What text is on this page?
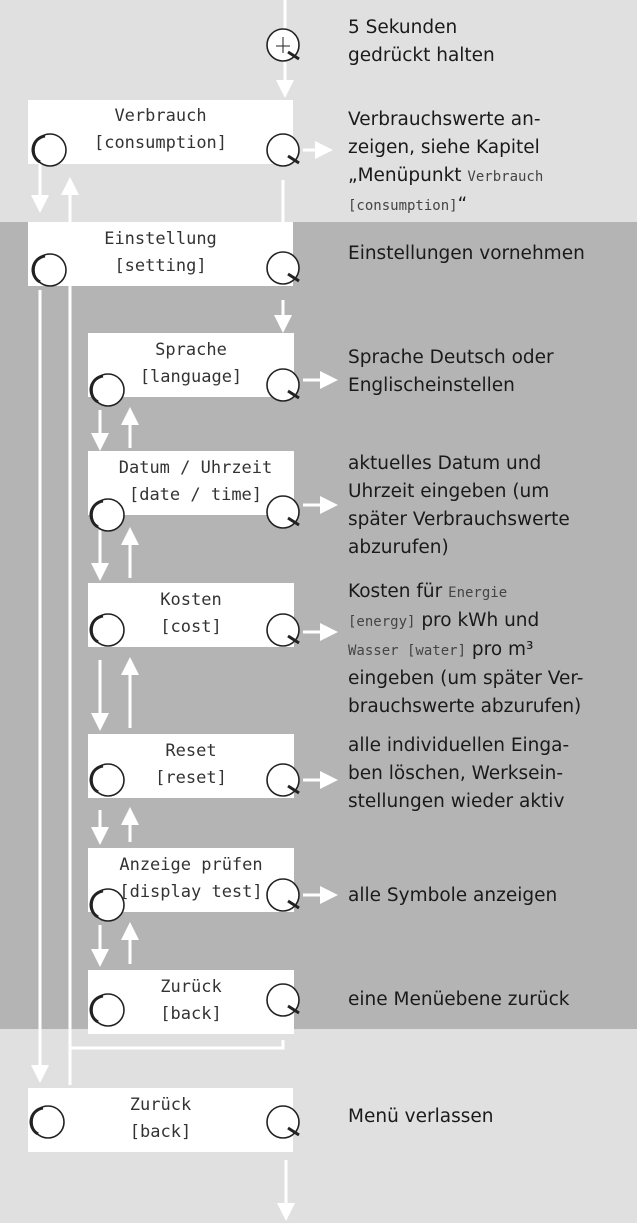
Verbrauch
[consumption]
Einstellung
[setting]
Sprache
[language]
Datum / Uhrzeit
[date / time]
Kosten
[cost]
Reset
[reset]
Anzeige prüfen
[display test]
Zurück
[back]
Zurück
[back]
5 Sekunden
gedrückt halten
Verbrauchswerte an-
zeigen, siehe Kapitel
„Menüpunkt Verbrauch
[consumption]“
Einstellungen vornehmen
Sprache Deutsch oder
Englischeinstellen
aktuelles Datum und
Uhrzeit eingeben (um
später Verbrauchswerte
abzurufen)
Kosten für Energie
[energy] pro kWh und
Wasser [water] pro m³
eingeben (um später Ver-
brauchswerte abzurufen)
alle individuellen Einga-
ben löschen, Werksein-
stellungen wieder aktiv
alle Symbole anzeigen
eine Menüebene zurück
Menü verlassen
